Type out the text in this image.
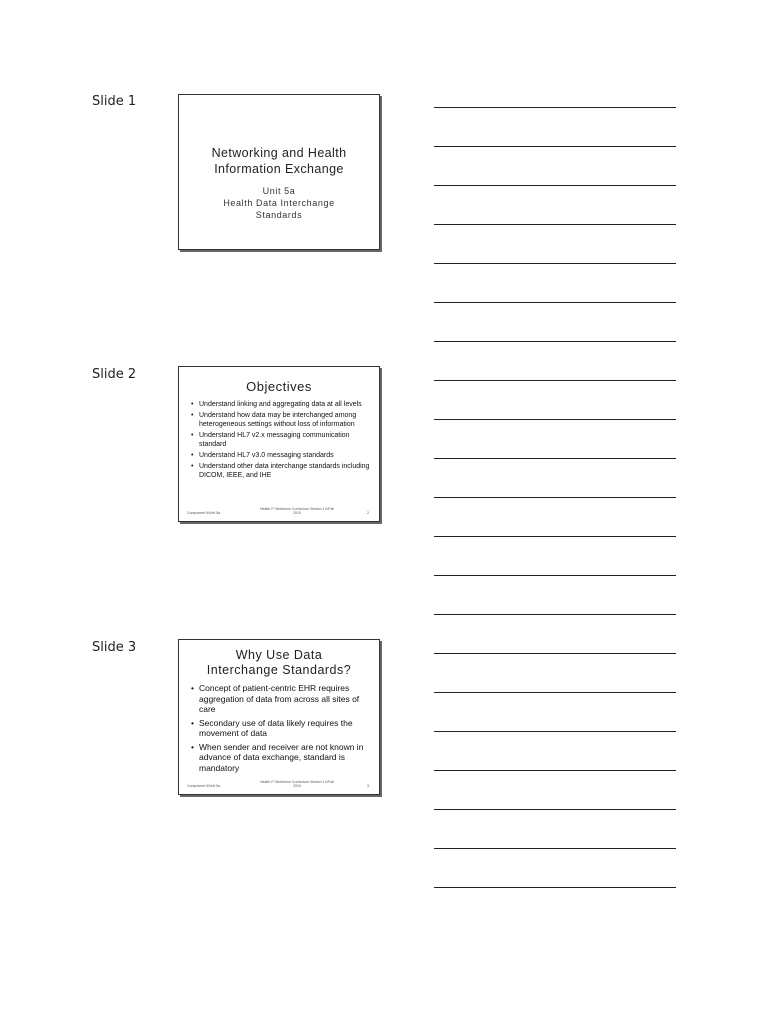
Slide 1
Slide 2
Slide 3
Networking and Health Information Exchange
Unit 5a
Health Data Interchange Standards
Objectives
• Understand linking and aggregating data at all levels
• Understand how data may be interchanged among heterogeneous settings without loss of information
• Understand HL7 v2.x messaging communication standard
• Understand HL7 v3.0 messaging standards
• Understand other data interchange standards including DICOM, IEEE, and IHE
Component 9/Unit 5a
Health IT Workforce Curriculum Version 1.0/Fall 2010	2
Why Use Data Interchange Standards?
• Concept of patient-centric EHR requires aggregation of data from across all sites of care
• Secondary use of data likely requires the movement of data
• When sender and receiver are not known in advance of data exchange, standard is mandatory
Component 9/Unit 5a
Health IT Workforce Curriculum Version 1.0/Fall 2010	3
